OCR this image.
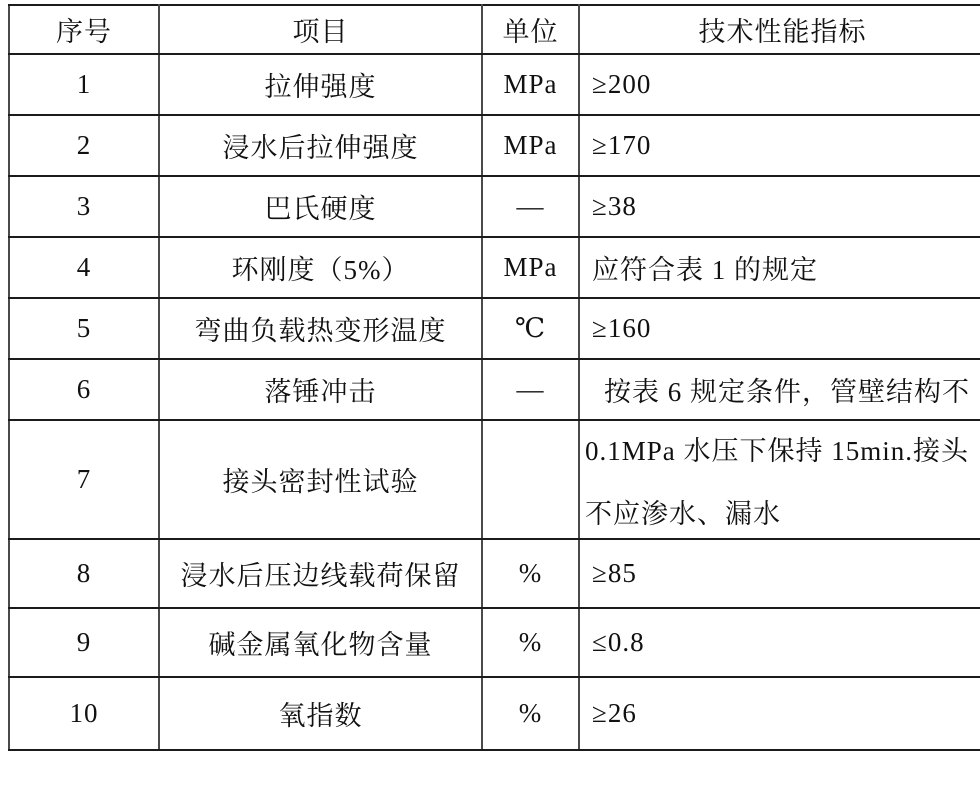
序号	项目	单位	技术性能指标
1	拉伸强度	MPa	≥200
2	浸水后拉伸强度	MPa	≥170
3	巴氏硬度	—	≥38
4	环刚度（5%）	MPa	应符合表 1 的规定
5	弯曲负载热变形温度	℃	≥160
6	落锤冲击	—	按表 6 规定条件，管壁结构不
7	接头密封性试验		0.1MPa 水压下保持 15min.接头
不应渗水、漏水

8	浸水后压边线载荷保留	%	≥85
9	碱金属氧化物含量	%	≤0.8
10	氧指数	%	≥26
